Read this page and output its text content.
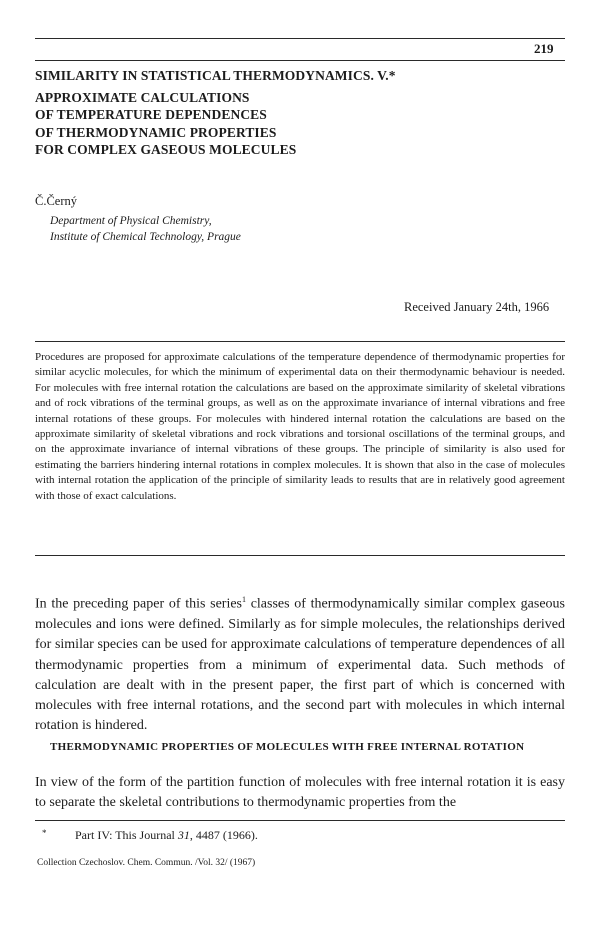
219
SIMILARITY IN STATISTICAL THERMODYNAMICS. V.*
APPROXIMATE CALCULATIONS
OF TEMPERATURE DEPENDENCES
OF THERMODYNAMIC PROPERTIES
FOR COMPLEX GASEOUS MOLECULES
Č.Černý
Department of Physical Chemistry,
Institute of Chemical Technology, Prague
Received January 24th, 1966

Procedures are proposed for approximate calculations of the temperature dependence of thermodynamic properties for similar acyclic molecules, for which the minimum of experimental data on their thermodynamic behaviour is needed. For molecules with free internal rotation the calculations are based on the approximate similarity of skeletal vibrations and of rock vibrations of the terminal groups, as well as on the approximate invariance of internal vibrations and free internal rotations of these groups. For molecules with hindered internal rotation the calculations are based on the approximate similarity of skeletal vibrations and rock vibrations and torsional oscillations of the terminal groups, and on the approximate invariance of internal vibrations of these groups. The principle of similarity is also used for estimating the barriers hindering internal rotations in complex molecules. It is shown that also in the case of molecules with internal rotation the application of the principle of similarity leads to results that are in relatively good agreement with those of exact calculations.

In the preceding paper of this series$^1$ classes of thermodynamically similar complex gaseous molecules and ions were defined. Similarly as for simple molecules, the relationships derived for similar species can be used for approximate calculations of temperature dependences of all thermodynamic properties from a minimum of experimental data. Such methods of calculation are dealt with in the present paper, the first part of which is concerned with molecules with free internal rotations, and the second part with molecules in which internal rotation is hindered.

THERMODYNAMIC PROPERTIES OF MOLECULES WITH FREE INTERNAL ROTATION

In view of the form of the partition function of molecules with free internal rotation it is easy to separate the skeletal contributions to thermodynamic properties from the

* Part IV: This Journal 31, 4487 (1966).
Collection Czechoslov. Chem. Commun. /Vol. 32/ (1967)
